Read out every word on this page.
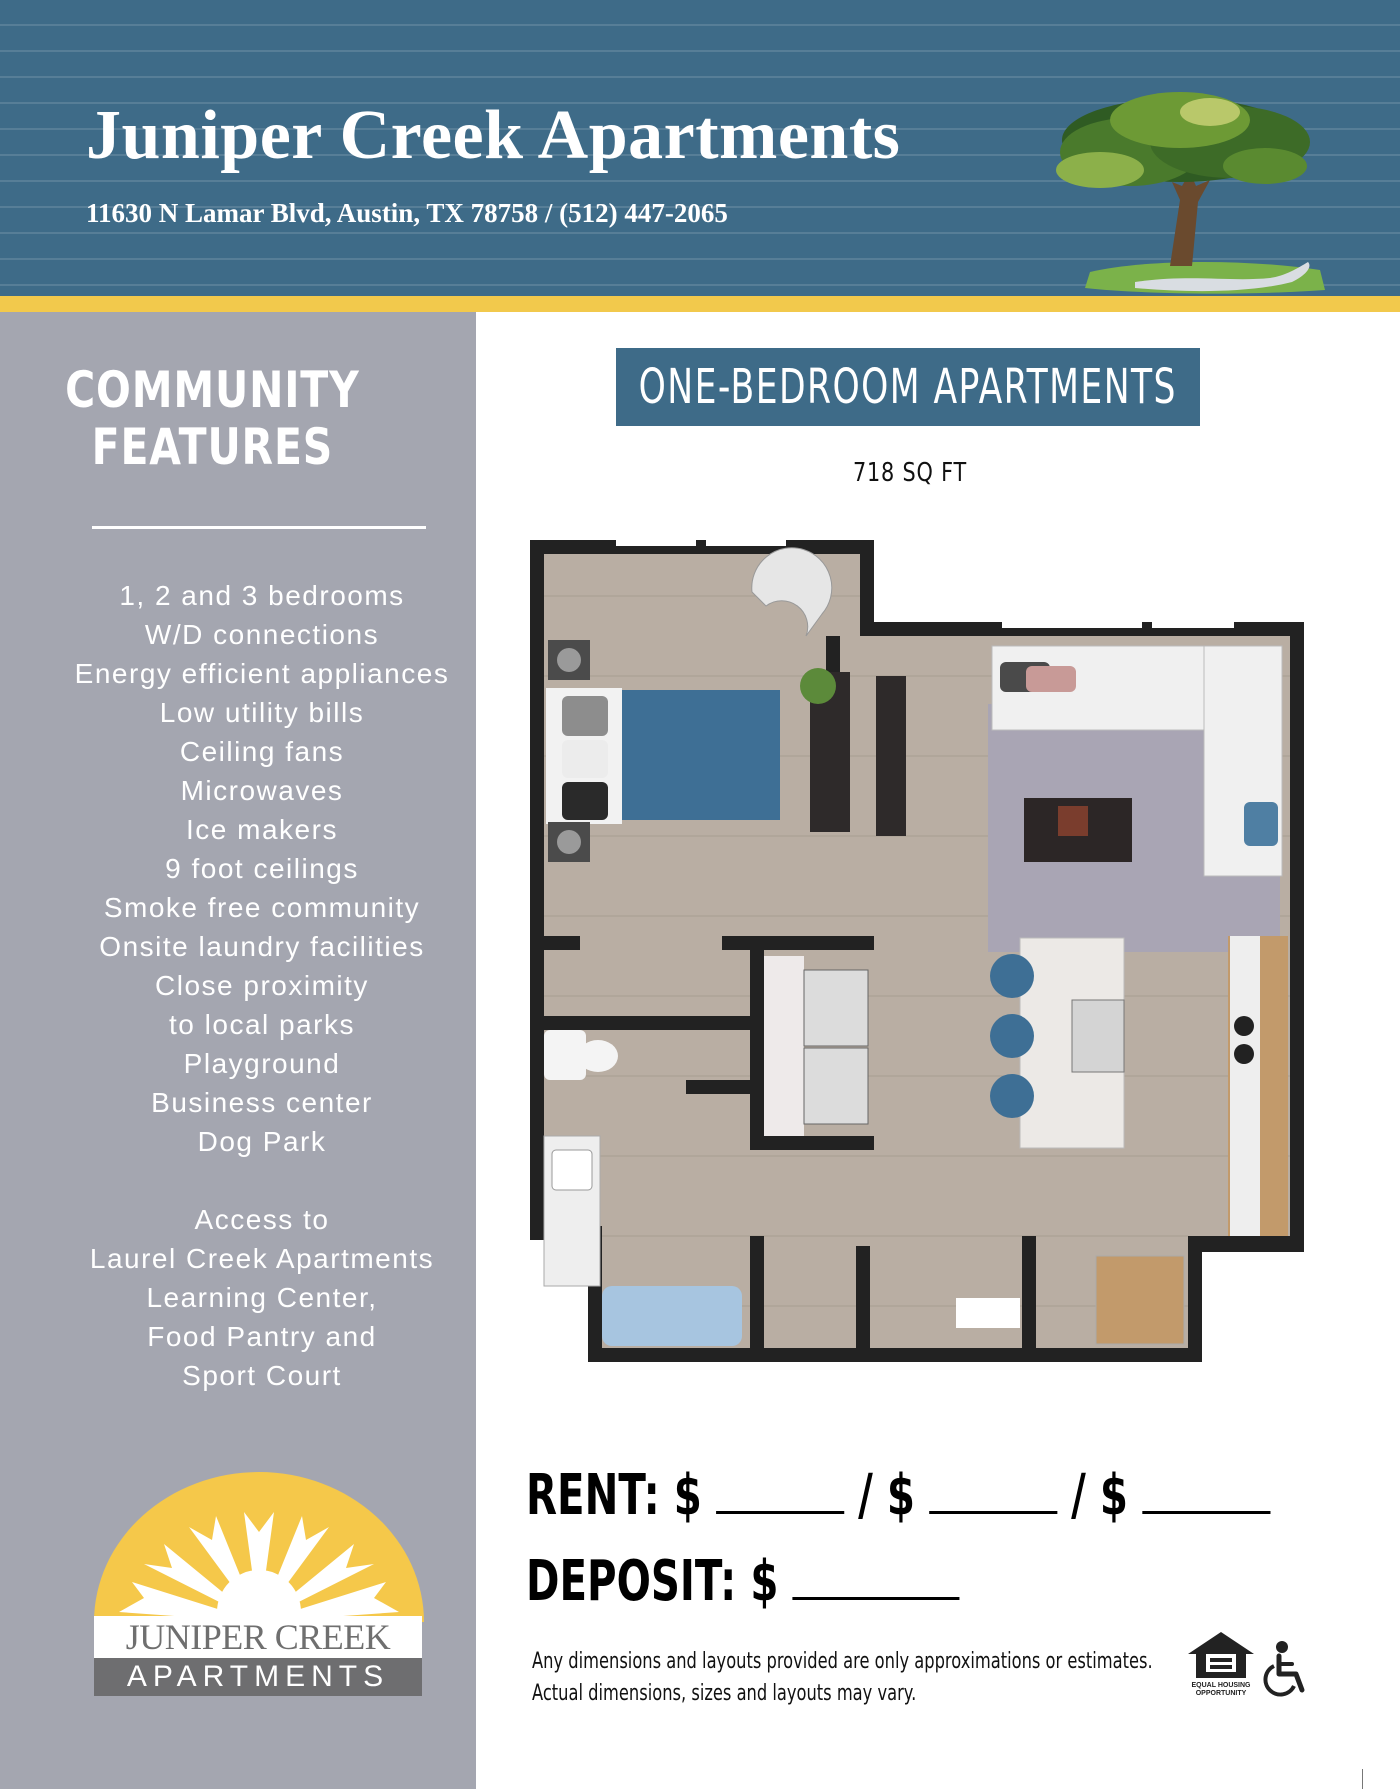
Juniper Creek Apartments
11630 N Lamar Blvd, Austin, TX 78758 / (512) 447-2065
COMMUNITY
FEATURES
1, 2 and 3 bedrooms
W/D connections
Energy efficient appliances
Low utility bills
Ceiling fans
Microwaves
Ice makers
9 foot ceilings
Smoke free community
Onsite laundry facilities
Close proximity
to local parks
Playground
Business center
Dog Park
Access to
Laurel Creek Apartments
Learning Center,
Food Pantry and
Sport Court
JUNIPER CREEK
APARTMENTS
ONE-BEDROOM APARTMENTS
718 SQ FT
RENT: $	/ $	/ $
DEPOSIT: $
Any dimensions and layouts provided are only approximations or estimates.
Actual dimensions, sizes and layouts may vary.	EQUAL HOUSING OPPORTUNITY
